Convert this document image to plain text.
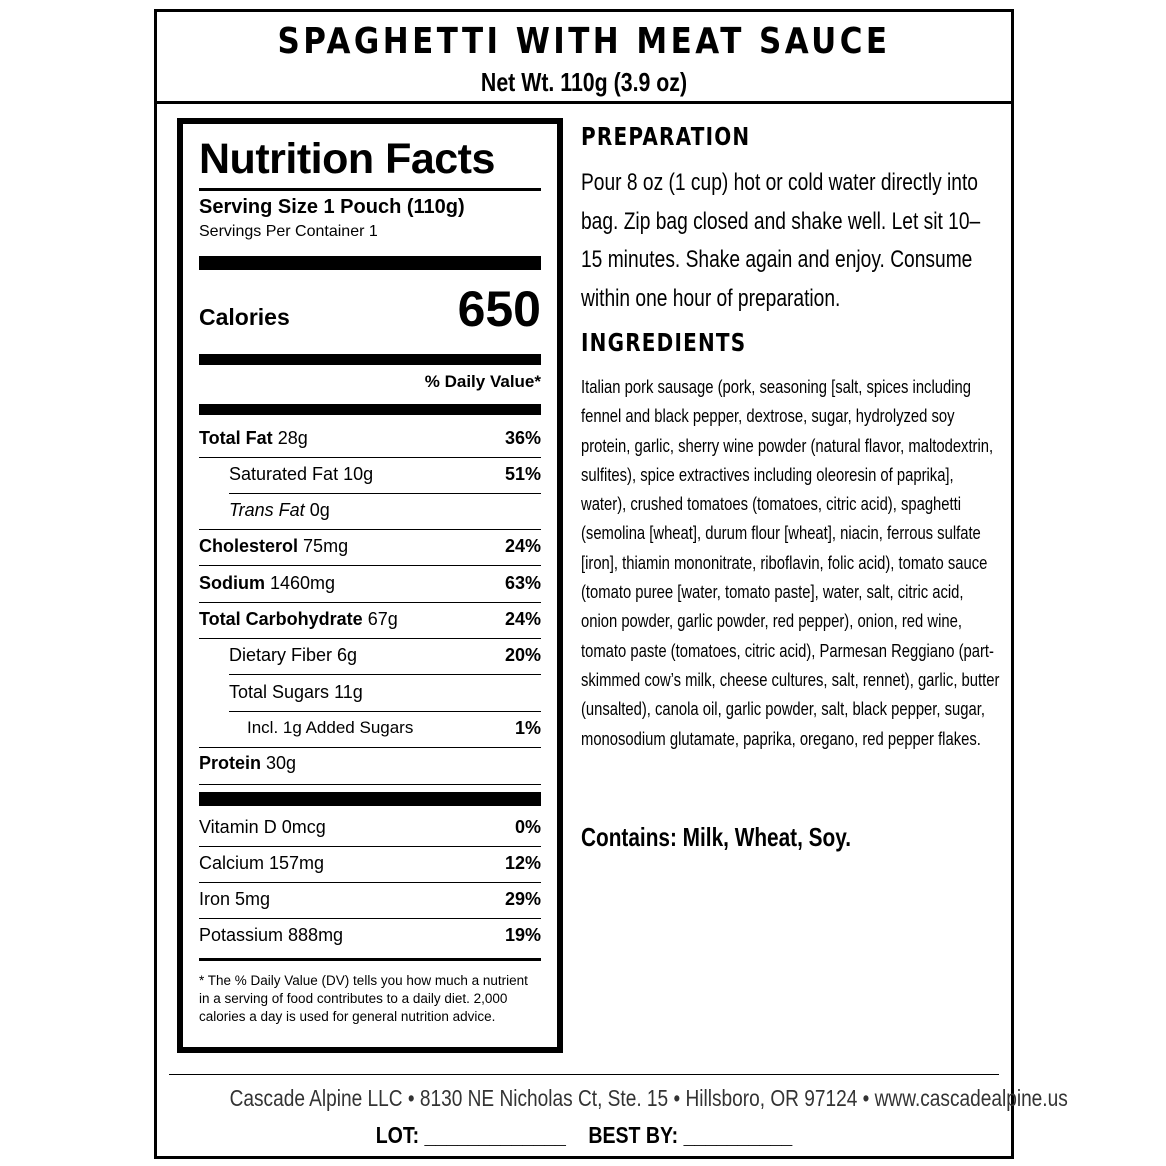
SPAGHETTI WITH MEAT SAUCE
Net Wt. 110g (3.9 oz)
Nutrition Facts
Serving Size 1 Pouch (110g)
Servings Per Container 1
Calories	650
% Daily Value*
Total Fat 28g	36%
Saturated Fat 10g	51%
Trans Fat 0g
Cholesterol 75mg	24%
Sodium 1460mg	63%
Total Carbohydrate 67g	24%
Dietary Fiber 6g	20%
Total Sugars 11g
Incl. 1g Added Sugars	1%
Protein 30g
Vitamin D 0mcg	0%
Calcium 157mg	12%
Iron 5mg	29%
Potassium 888mg	19%
* The % Daily Value (DV) tells you how much a nutrient in a serving of food contributes to a daily diet. 2,000 calories a day is used for general nutrition advice.
PREPARATION
Pour 8 oz (1 cup) hot or cold water directly into bag. Zip bag closed and shake well. Let sit 10–15 minutes. Shake again and enjoy. Consume within one hour of preparation.
INGREDIENTS
Italian pork sausage (pork, seasoning [salt, spices including fennel and black pepper, dextrose, sugar, hydrolyzed soy protein, garlic, sherry wine powder (natural flavor, maltodextrin, sulfites), spice extractives including oleoresin of paprika], water), crushed tomatoes (tomatoes, citric acid), spaghetti (semolina [wheat], durum flour [wheat], niacin, ferrous sulfate [iron], thiamin mononitrate, riboflavin, folic acid), tomato sauce (tomato puree [water, tomato paste], water, salt, citric acid, onion powder, garlic powder, red pepper), onion, red wine, tomato paste (tomatoes, citric acid), Parmesan Reggiano (part-skimmed cow’s milk, cheese cultures, salt, rennet), garlic, butter (unsalted), canola oil, garlic powder, salt, black pepper, sugar, monosodium glutamate, paprika, oregano, red pepper flakes.
Contains: Milk, Wheat, Soy.
Cascade Alpine LLC • 8130 NE Nicholas Ct, Ste. 15 • Hillsboro, OR 97124 • www.cascadealpine.us
LOT: _____________ BEST BY: __________
